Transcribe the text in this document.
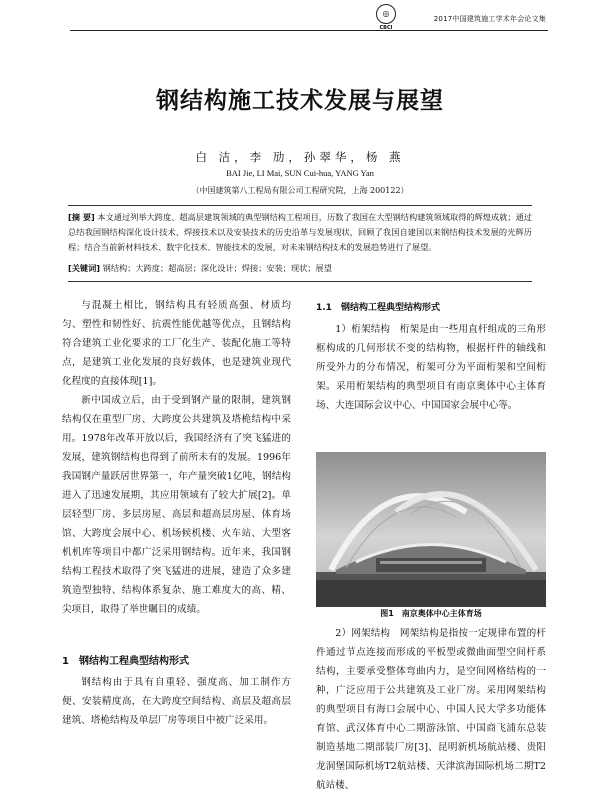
◎
CBCI
2017中国建筑施工学术年会论文集
钢结构施工技术发展与展望
白 洁，李 劢，孙翠华，杨 燕
BAI Jie, LI Mai, SUN Cui-hua, YANG Yan
（中国建筑第八工程局有限公司工程研究院，上海 200122）
[摘 要] 本文通过列举大跨度、超高层建筑领域的典型钢结构工程项目，历数了我国在大型钢结构建筑领域取得的辉煌成就；通过总结我国钢结构深化设计技术、焊接技术以及安装技术的历史沿革与发展现状，回顾了我国自建国以来钢结构技术发展的光辉历程；结合当前新材料技术、数字化技术、智能技术的发展，对未来钢结构技术的发展趋势进行了展望。
[关键词] 钢结构；大跨度；超高层；深化设计；焊接；安装；现状；展望

与混凝土相比，钢结构具有轻质高强、材质均匀、塑性和韧性好、抗震性能优越等优点，且钢结构符合建筑工业化要求的工厂化生产、装配化施工等特点，是建筑工业化发展的良好载体，也是建筑业现代化程度的直接体现[1]。

新中国成立后，由于受到钢产量的限制，建筑钢结构仅在重型厂房、大跨度公共建筑及塔桅结构中采用。1978年改革开放以后，我国经济有了突飞猛进的发展，建筑钢结构也得到了前所未有的发展。1996年我国钢产量跃居世界第一，年产量突破1亿吨，钢结构进入了迅速发展期，其应用领域有了较大扩展[2]。单层轻型厂房、多层房屋、高层和超高层房屋、体育场馆、大跨度会展中心、机场候机楼、火车站、大型客机机库等项目中都广泛采用钢结构。近年来，我国钢结构工程技术取得了突飞猛进的进展，建造了众多建筑造型独特、结构体系复杂、施工难度大的高、精、尖项目，取得了举世瞩目的成绩。

1　钢结构工程典型结构形式

钢结构由于具有自重轻、强度高、加工制作方便、安装精度高，在大跨度空间结构、高层及超高层建筑、塔桅结构及单层厂房等项目中被广泛采用。

1.1　钢结构工程典型结构形式

1）桁架结构　桁架是由一些用直杆组成的三角形框构成的几何形状不变的结构物，根据杆件的轴线和所受外力的分布情况，桁架可分为平面桁架和空间桁架。采用桁架结构的典型项目有南京奥体中心主体育场、大连国际会议中心、中国国家会展中心等。

图1　南京奥体中心主体育场

2）网架结构　网架结构是指按一定规律布置的杆件通过节点连接而形成的平板型或微曲面型空间杆系结构，主要承受整体弯曲内力，是空间网格结构的一种，广泛应用于公共建筑及工业厂房。采用网架结构的典型项目有海口会展中心、中国人民大学多功能体育馆、武汉体育中心二期游泳馆、中国商飞浦东总装制造基地二期部装厂房[3]、昆明新机场航站楼、贵阳龙洞堡国际机场T2航站楼、天津滨海国际机场二期T2航站楼、
